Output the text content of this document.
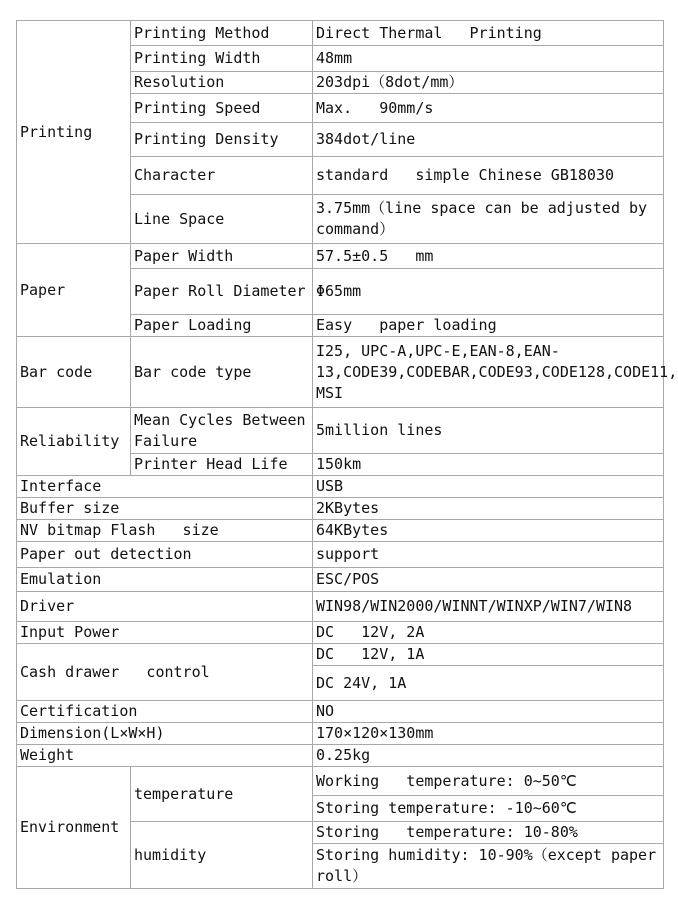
Printing	Printing Method	Direct Thermal   Printing
	Printing Width	48mm
	Resolution	203dpi（8dot/mm）
	Printing Speed	Max.   90mm/s
	Printing Density	384dot/line
	Character	standard   simple Chinese GB18030
	Line Space	3.75mm（line space can be adjusted by   command）

Paper	Paper Width	57.5±0.5   mm
	Paper Roll Diameter	Φ65mm
	Paper Loading	Easy   paper loading
Bar code	Bar code type	I25, UPC-A,UPC-E,EAN-8,EAN-13,CODE39,CODEBAR,CODE93,CODE128,CODE11, MSI
Reliability	Mean Cycles Between Failure	5million lines
	Printer Head Life	150km
Interface		USB
Buffer size		2KBytes
NV bitmap Flash   size		64KBytes
Paper out detection		support
Emulation		ESC/POS
Driver		WIN98/WIN2000/WINNT/WINXP/WIN7/WIN8
Input Power		DC   12V, 2A
Cash drawer   control		DC   12V, 1A
		DC 24V, 1A
Certification		NO
Dimension(L×W×H)		170×120×130mm
Weight		0.25kg
Environment	temperature	Working   temperature: 0~50℃
		Storing temperature: -10~60℃
	humidity	Storing   temperature: 10-80%
		Storing humidity: 10-90%（except paper roll）
